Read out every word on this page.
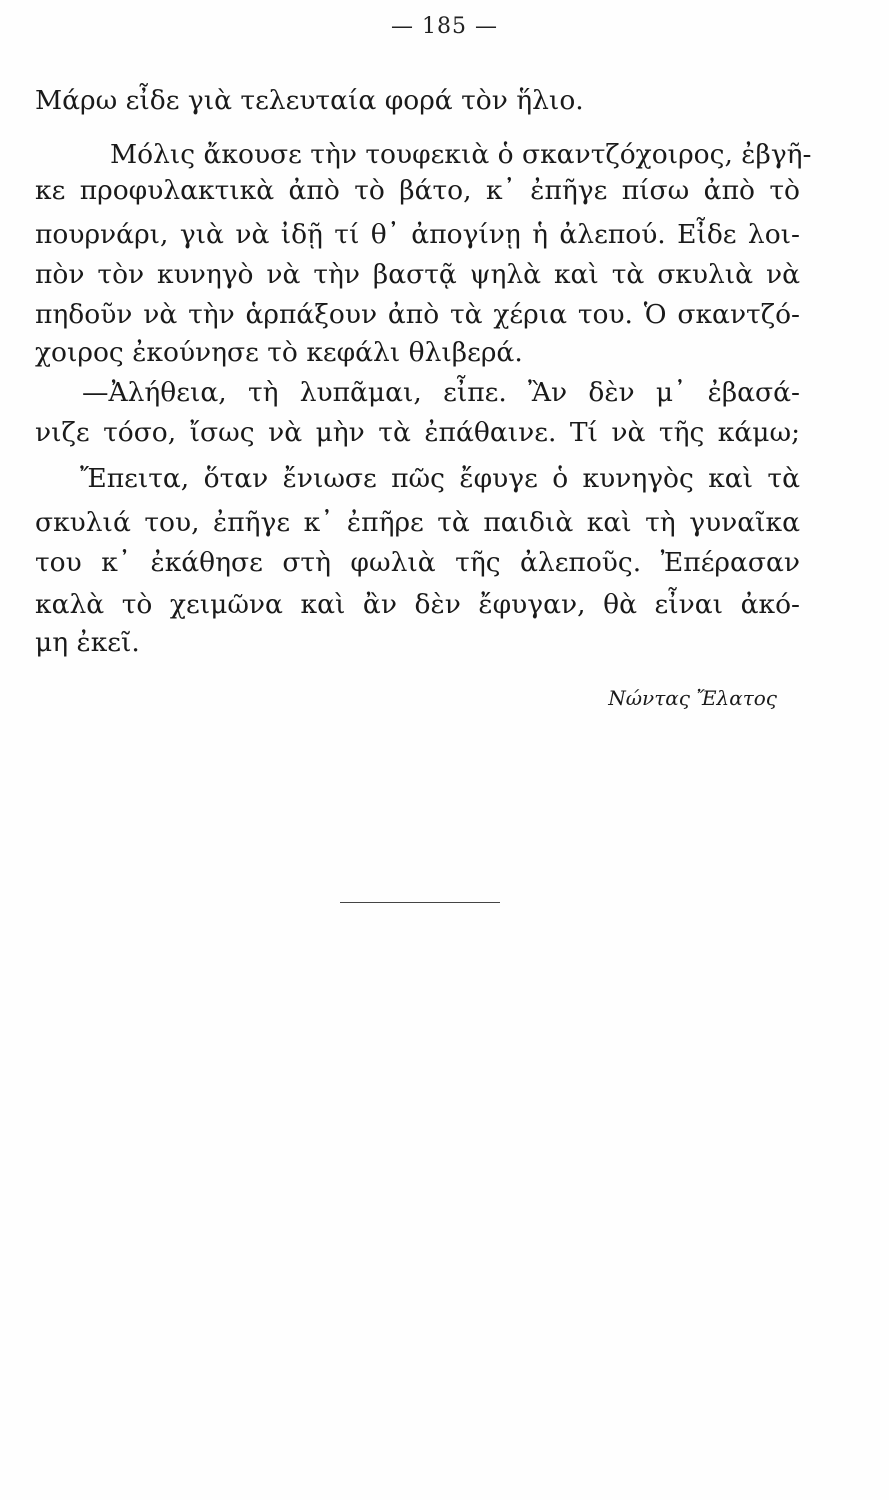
— 185 —
Μάρω εἶδε γιὰ τελευταία φορά τὸν ἥλιο.
Μόλις ἄκουσε τὴν τουφεκιὰ ὁ σκαντζόχοιρος, ἐβγῆ-
κε προφυλακτικὰ ἀπὸ τὸ βάτο, κ᾿ ἐπῆγε πίσω ἀπὸ τὸ
πουρνάρι, γιὰ νὰ ἰδῇ τί θ᾿ ἀπογίνῃ ἡ ἀλεπού. Εἶδε λοι-
πὸν τὸν κυνηγὸ νὰ τὴν βαστᾷ ψηλὰ καὶ τὰ σκυλιὰ νὰ
πηδοῦν νὰ τὴν ἁρπάξουν ἀπὸ τὰ χέρια του. Ὁ σκαντζό-
χοιρος ἐκούνησε τὸ κεφάλι θλιβερά.
—Ἀλήθεια, τὴ λυπᾶμαι, εἶπε. Ἂν δὲν μ᾿ ἐβασά-
νιζε τόσο, ἴσως νὰ μὴν τὰ ἐπάθαινε. Τί νὰ τῆς κάμω;
Ἔπειτα, ὅταν ἔνιωσε πῶς ἔφυγε ὁ κυνηγὸς καὶ τὰ
σκυλιά του, ἐπῆγε κ᾿ ἐπῆρε τὰ παιδιὰ καὶ τὴ γυναῖκα
του κ᾿ ἐκάθησε στὴ φωλιὰ τῆς ἀλεποῦς. Ἐπέρασαν
καλὰ τὸ χειμῶνα καὶ ἂν δὲν ἔφυγαν, θὰ εἶναι ἀκό-
μη ἐκεῖ.
Νώντας Ἔλατος
